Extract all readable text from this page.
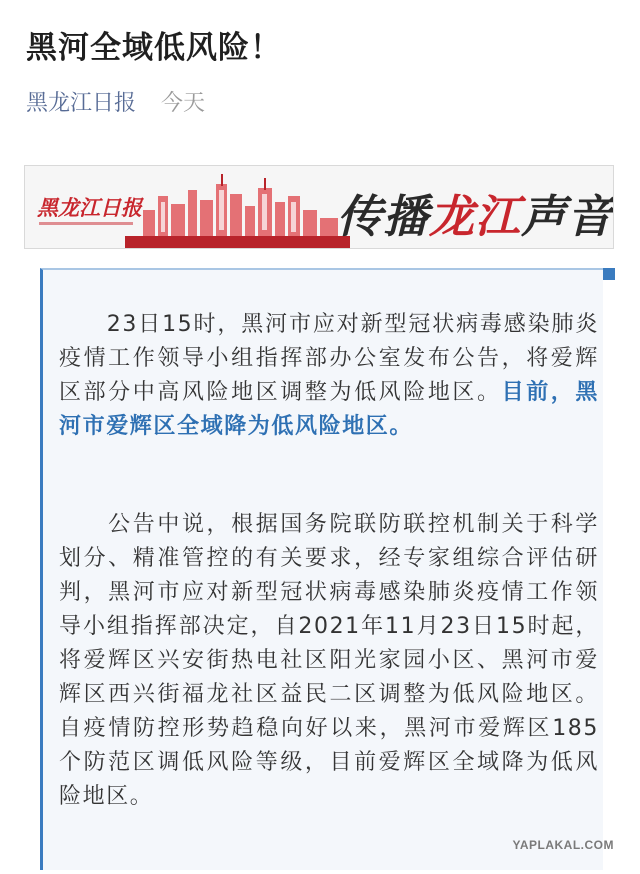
黑河全域低风险！
黑龙江日报 今天
黑龙江日报	传播龙江声音
　　23日15时，黑河市应对新型冠状病毒感染肺炎疫情工作领导小组指挥部办公室发布公告，将爱辉区部分中高风险地区调整为低风险地区。目前，黑河市爱辉区全域降为低风险地区。
　　公告中说，根据国务院联防联控机制关于科学划分、精准管控的有关要求，经专家组综合评估研判，黑河市应对新型冠状病毒感染肺炎疫情工作领导小组指挥部决定，自2021年11月23日15时起，将爱辉区兴安街热电社区阳光家园小区、黑河市爱辉区西兴街福龙社区益民二区调整为低风险地区。自疫情防控形势趋稳向好以来，黑河市爱辉区185个防范区调低风险等级，目前爱辉区全域降为低风险地区。
YAPLAKAL.COM
